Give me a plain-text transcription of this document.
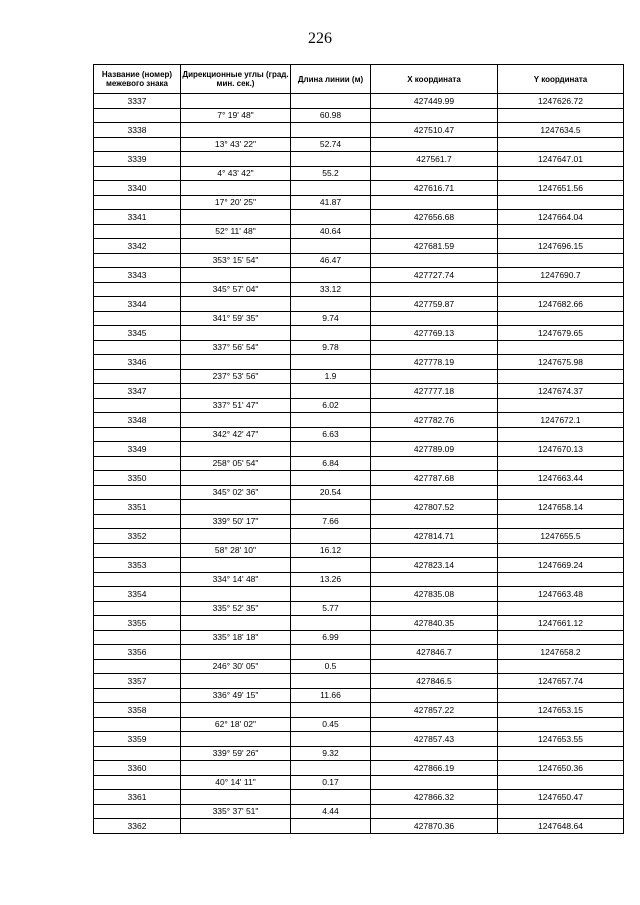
226
Название (номер) межевого знака	Дирекционные углы (град. мин. сек.)	Длина линии (м)	Х координата	Y координата
3337			427449.99	1247626.72
	7° 19' 48"	60.98		
3338			427510.47	1247634.5
	13° 43' 22"	52.74		
3339			427561.7	1247647.01
	4° 43' 42"	55.2		
3340			427616.71	1247651.56
	17° 20' 25"	41.87		
3341			427656.68	1247664.04
	52° 11' 48"	40.64		
3342			427681.59	1247696.15
	353° 15' 54"	46.47		
3343			427727.74	1247690.7
	345° 57' 04"	33.12		
3344			427759.87	1247682.66
	341° 59' 35"	9.74		
3345			427769.13	1247679.65
	337° 56' 54"	9.78		
3346			427778.19	1247675.98
	237° 53' 56"	1.9		
3347			427777.18	1247674.37
	337° 51' 47"	6.02		
3348			427782.76	1247672.1
	342° 42' 47"	6.63		
3349			427789.09	1247670.13
	258° 05' 54"	6.84		
3350			427787.68	1247663.44
	345° 02' 36"	20.54		
3351			427807.52	1247658.14
	339° 50' 17"	7.66		
3352			427814.71	1247655.5
	58° 28' 10"	16.12		
3353			427823.14	1247669.24
	334° 14' 48"	13.26		
3354			427835.08	1247663.48
	335° 52' 35"	5.77		
3355			427840.35	1247661.12
	335° 18' 18"	6.99		
3356			427846.7	1247658.2
	246° 30' 05"	0.5		
3357			427846.5	1247657.74
	336° 49' 15"	11.66		
3358			427857.22	1247653.15
	62° 18' 02"	0.45		
3359			427857.43	1247653.55
	339° 59' 26"	9.32		
3360			427866.19	1247650.36
	40° 14' 11"	0.17		
3361			427866.32	1247650.47
	335° 37' 51"	4.44		
3362			427870.36	1247648.64
